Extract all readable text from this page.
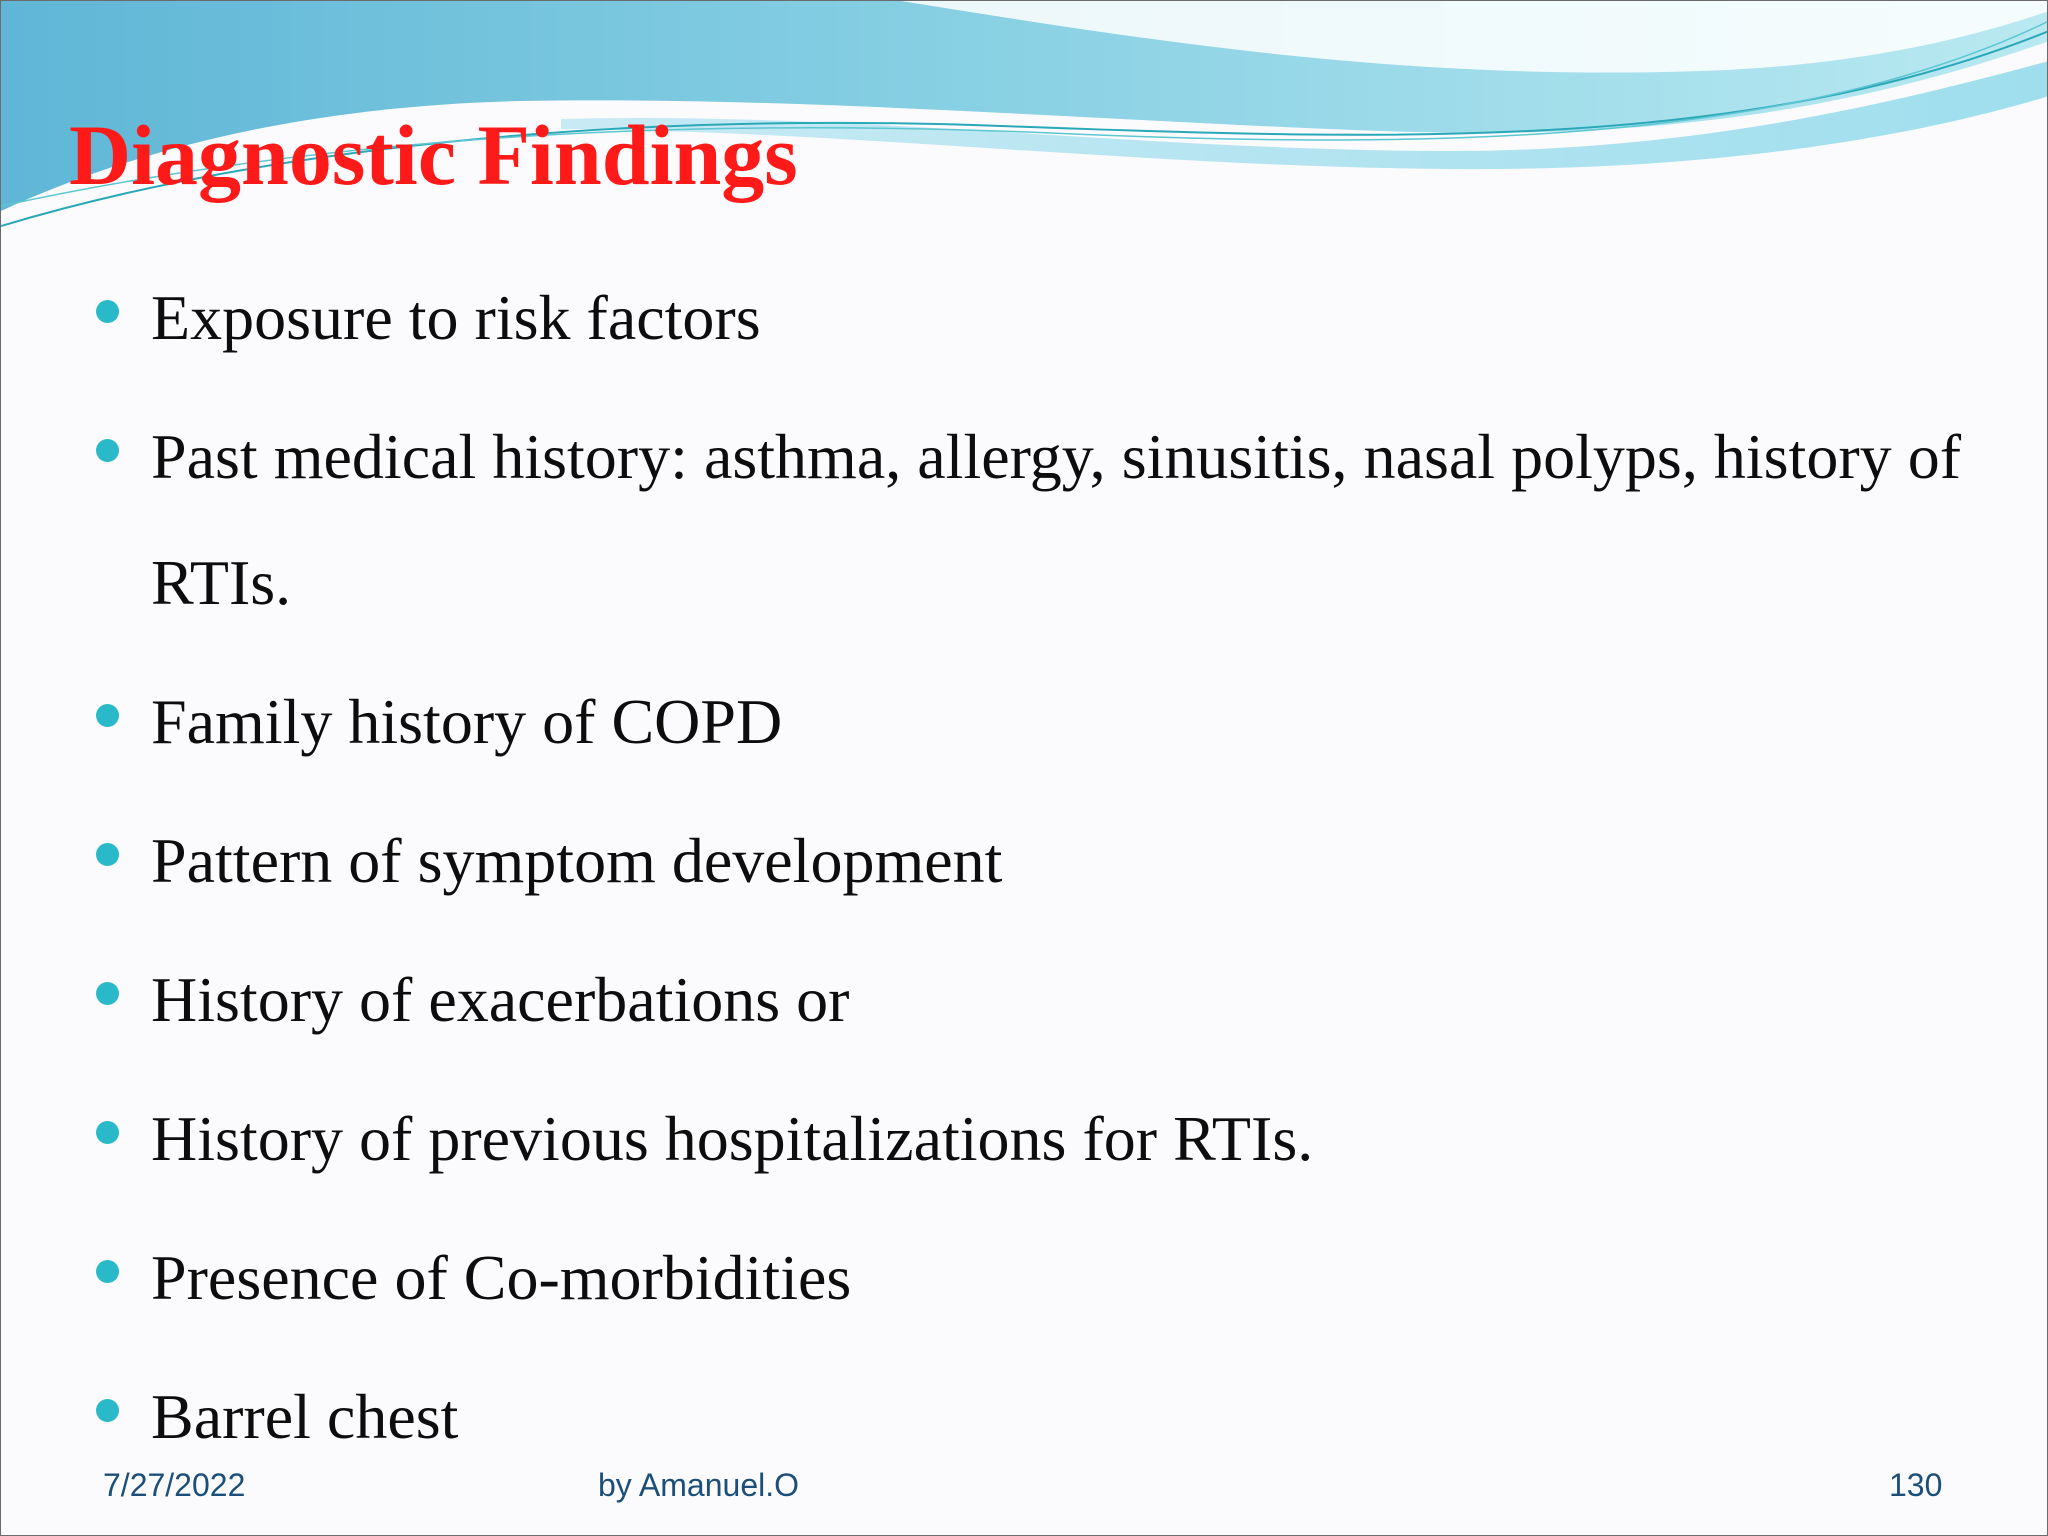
Diagnostic Findings
Exposure to risk factors
Past medical history: asthma, allergy, sinusitis, nasal polyps, history of RTIs.
Family history of COPD
Pattern of symptom development
History of exacerbations or
History of previous hospitalizations for RTIs.
Presence of Co-morbidities
Barrel chest
7/27/2022	by Amanuel.O	130
